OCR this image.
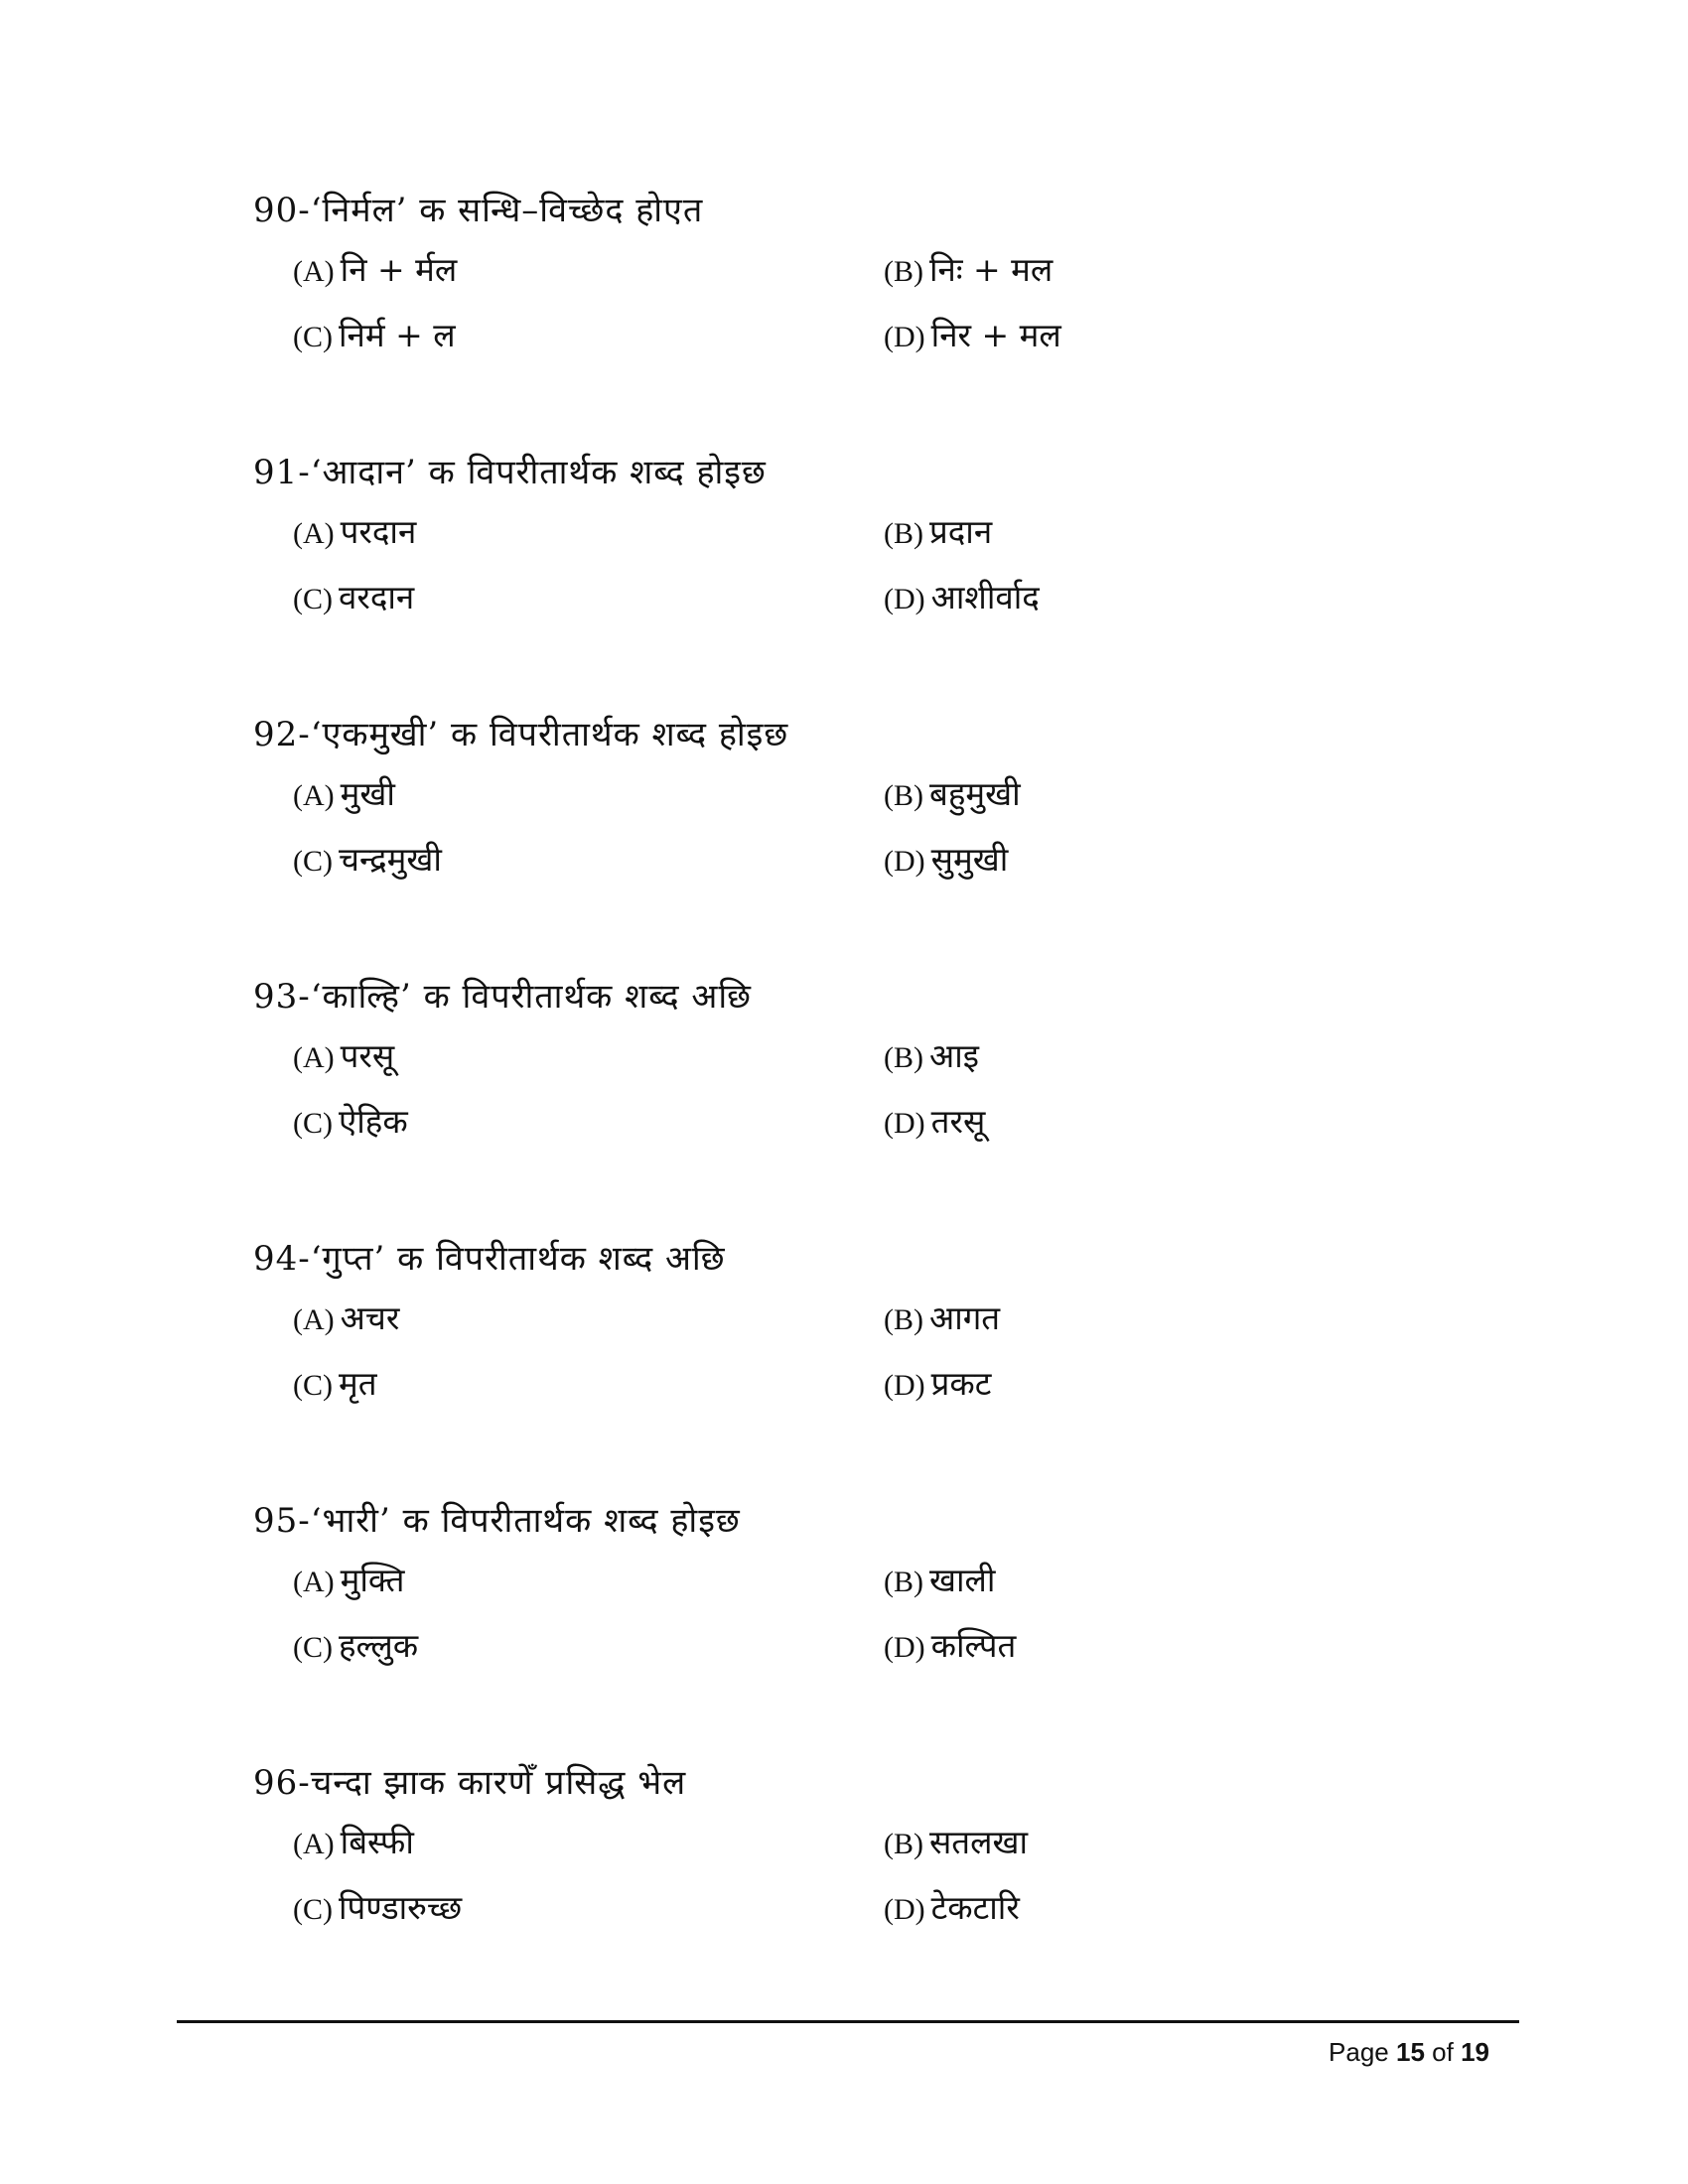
90-‘निर्मल’ क सन्धि–विच्छेद होएत
(A) नि + र्मल	(B) निः + मल
(C) निर्म + ल	(D) निर + मल
91-‘आदान’ क विपरीतार्थक शब्द होइछ
(A) परदान	(B) प्रदान
(C) वरदान	(D) आशीर्वाद
92-‘एकमुखी’ क विपरीतार्थक शब्द होइछ
(A) मुखी	(B) बहुमुखी
(C) चन्द्रमुखी	(D) सुमुखी
93-‘काल्हि’ क विपरीतार्थक शब्द अछि
(A) परसू	(B) आइ
(C) ऐहिक	(D) तरसू
94-‘गुप्त’ क विपरीतार्थक शब्द अछि
(A) अचर	(B) आगत
(C) मृत	(D) प्रकट
95-‘भारी’ क विपरीतार्थक शब्द होइछ
(A) मुक्ति	(B) खाली
(C) हल्लुक	(D) कल्पित
96-चन्दा झाक कारणेँ प्रसिद्ध भेल
(A) बिस्फी	(B) सतलखा
(C) पिण्डारुच्छ	(D) टेकटारि
Page 15 of 19
